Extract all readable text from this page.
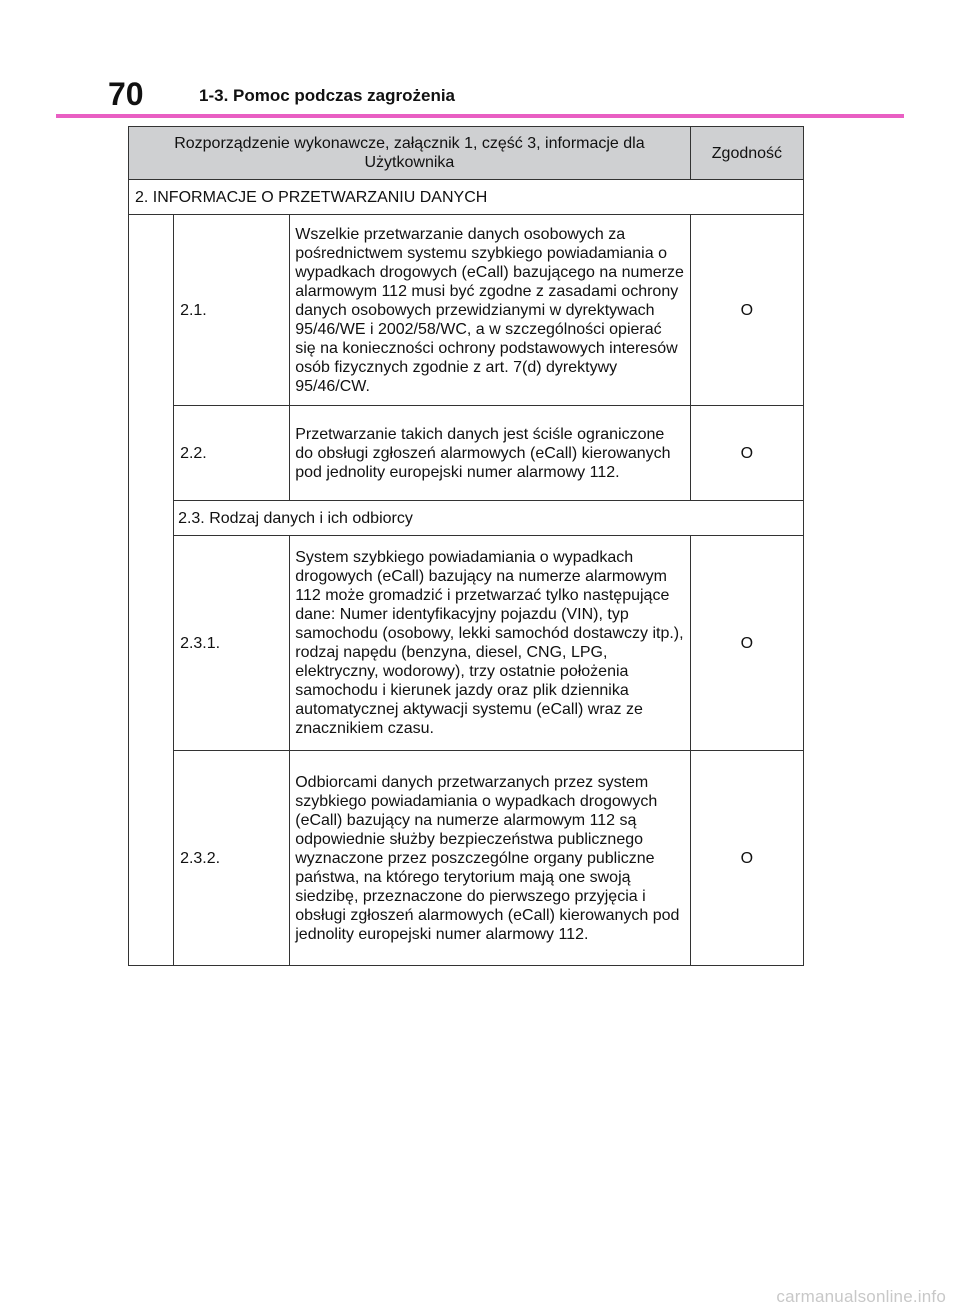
70	1-3. Pomoc podczas zagrożenia
Rozporządzenie wykonawcze, załącznik 1, część 3, informacje dla Użytkownika			Zgodność
2. INFORMACJE O PRZETWARZANIU DANYCH			
	2.1.	Wszelkie przetwarzanie danych osobowych za pośrednictwem systemu szybkiego powiadamiania o wypadkach drogowych (eCall) bazującego na numerze alarmowym 112 musi być zgodne z zasadami ochrony danych osobowych przewidzianymi w dyrektywach 95/46/WE i 2002/58/WC, a w szczególności opierać się na konieczności ochrony podstawowych interesów osób fizycznych zgodnie z art. 7(d) dyrektywy 95/46/CW.	O
	2.2.	Przetwarzanie takich danych jest ściśle ograniczone do obsługi zgłoszeń alarmowych (eCall) kierowanych pod jednolity europejski numer alarmowy 112.	O
	2.3. Rodzaj danych i ich odbiorcy		
	2.3.1.	System szybkiego powiadamiania o wypadkach drogowych (eCall) bazujący na numerze alarmowym 112 może gromadzić i przetwarzać tylko następujące dane: Numer identyfikacyjny pojazdu (VIN), typ samochodu (osobowy, lekki samochód dostawczy itp.), rodzaj napędu (benzyna, diesel, CNG, LPG, elektryczny, wodorowy), trzy ostatnie położenia samochodu i kierunek jazdy oraz plik dziennika automatycznej aktywacji systemu (eCall) wraz ze znacznikiem czasu.	O
	2.3.2.	Odbiorcami danych przetwarzanych przez system szybkiego powiadamiania o wypadkach drogowych (eCall) bazujący na numerze alarmowym 112 są odpowiednie służby bezpieczeństwa publicznego wyznaczone przez poszczególne organy publiczne państwa, na którego terytorium mają one swoją siedzibę, przeznaczone do pierwszego przyjęcia i obsługi zgłoszeń alarmowych (eCall) kierowanych pod jednolity europejski numer alarmowy 112.	O
carmanualsonline.info
